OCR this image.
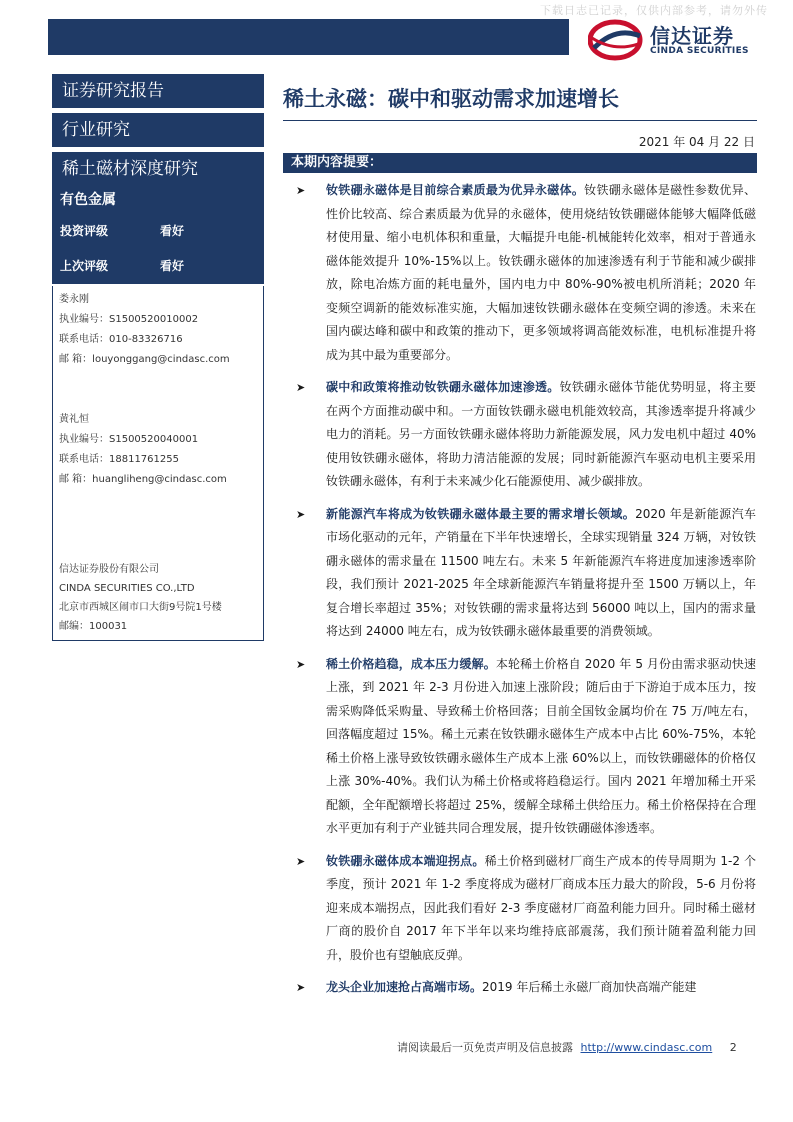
下载日志已记录，仅供内部参考，请勿外传
信达证券
CINDA SECURITIES
证券研究报告
行业研究
稀土磁材深度研究
有色金属
投资评级	看好
上次评级	看好
娄永刚
执业编号：S1500520010002
联系电话：010-83326716
邮 箱：louyonggang@cindasc.com
黄礼恒
执业编号：S1500520040001
联系电话：18811761255
邮 箱：huangliheng@cindasc.com
信达证券股份有限公司
CINDA SECURITIES CO.,LTD
北京市西城区闹市口大街9号院1号楼
邮编：100031
稀土永磁：碳中和驱动需求加速增长
2021 年 04 月 22 日
本期内容提要：
➤ 钕铁硼永磁体是目前综合素质最为优异永磁体。钕铁硼永磁体是磁性参数优异、性价比较高、综合素质最为优异的永磁体，使用烧结钕铁硼磁体能够大幅降低磁材使用量、缩小电机体积和重量，大幅提升电能-机械能转化效率，相对于普通永磁体能效提升 10%-15%以上。钕铁硼永磁体的加速渗透有利于节能和减少碳排放，除电冶炼方面的耗电量外，国内电力中 80%-90%被电机所消耗；2020 年变频空调新的能效标准实施，大幅加速钕铁硼永磁体在变频空调的渗透。未来在国内碳达峰和碳中和政策的推动下，更多领域将调高能效标准，电机标准提升将成为其中最为重要部分。
➤ 碳中和政策将推动钕铁硼永磁体加速渗透。钕铁硼永磁体节能优势明显，将主要在两个方面推动碳中和。一方面钕铁硼永磁电机能效较高，其渗透率提升将减少电力的消耗。另一方面钕铁硼永磁体将助力新能源发展，风力发电机中超过 40%使用钕铁硼永磁体，将助力清洁能源的发展；同时新能源汽车驱动电机主要采用钕铁硼永磁体，有利于未来减少化石能源使用、减少碳排放。
➤ 新能源汽车将成为钕铁硼永磁体最主要的需求增长领域。2020 年是新能源汽车市场化驱动的元年，产销量在下半年快速增长，全球实现销量 324 万辆，对钕铁硼永磁体的需求量在 11500 吨左右。未来 5 年新能源汽车将进度加速渗透率阶段，我们预计 2021-2025 年全球新能源汽车销量将提升至 1500 万辆以上，年复合增长率超过 35%；对钕铁硼的需求量将达到 56000 吨以上，国内的需求量将达到 24000 吨左右，成为钕铁硼永磁体最重要的消费领域。
➤ 稀土价格趋稳，成本压力缓解。本轮稀土价格自 2020 年 5 月份由需求驱动快速上涨，到 2021 年 2-3 月份进入加速上涨阶段；随后由于下游迫于成本压力，按需采购降低采购量、导致稀土价格回落；目前全国钕金属均价在 75 万/吨左右，回落幅度超过 15%。稀土元素在钕铁硼永磁体生产成本中占比 60%-75%，本轮稀土价格上涨导致钕铁硼永磁体生产成本上涨 60%以上，而钕铁硼磁体的价格仅上涨 30%-40%。我们认为稀土价格或将趋稳运行。国内 2021 年增加稀土开采配额，全年配额增长将超过 25%，缓解全球稀土供给压力。稀土价格保持在合理水平更加有利于产业链共同合理发展，提升钕铁硼磁体渗透率。
➤ 钕铁硼永磁体成本端迎拐点。稀土价格到磁材厂商生产成本的传导周期为 1-2 个季度，预计 2021 年 1-2 季度将成为磁材厂商成本压力最大的阶段，5-6 月份将迎来成本端拐点，因此我们看好 2-3 季度磁材厂商盈利能力回升。同时稀土磁材厂商的股价自 2017 年下半年以来均维持底部震荡，我们预计随着盈利能力回升，股价也有望触底反弹。
➤ 龙头企业加速抢占高端市场。2019 年后稀土永磁厂商加快高端产能建
请阅读最后一页免责声明及信息披露 http://www.cindasc.com 2
